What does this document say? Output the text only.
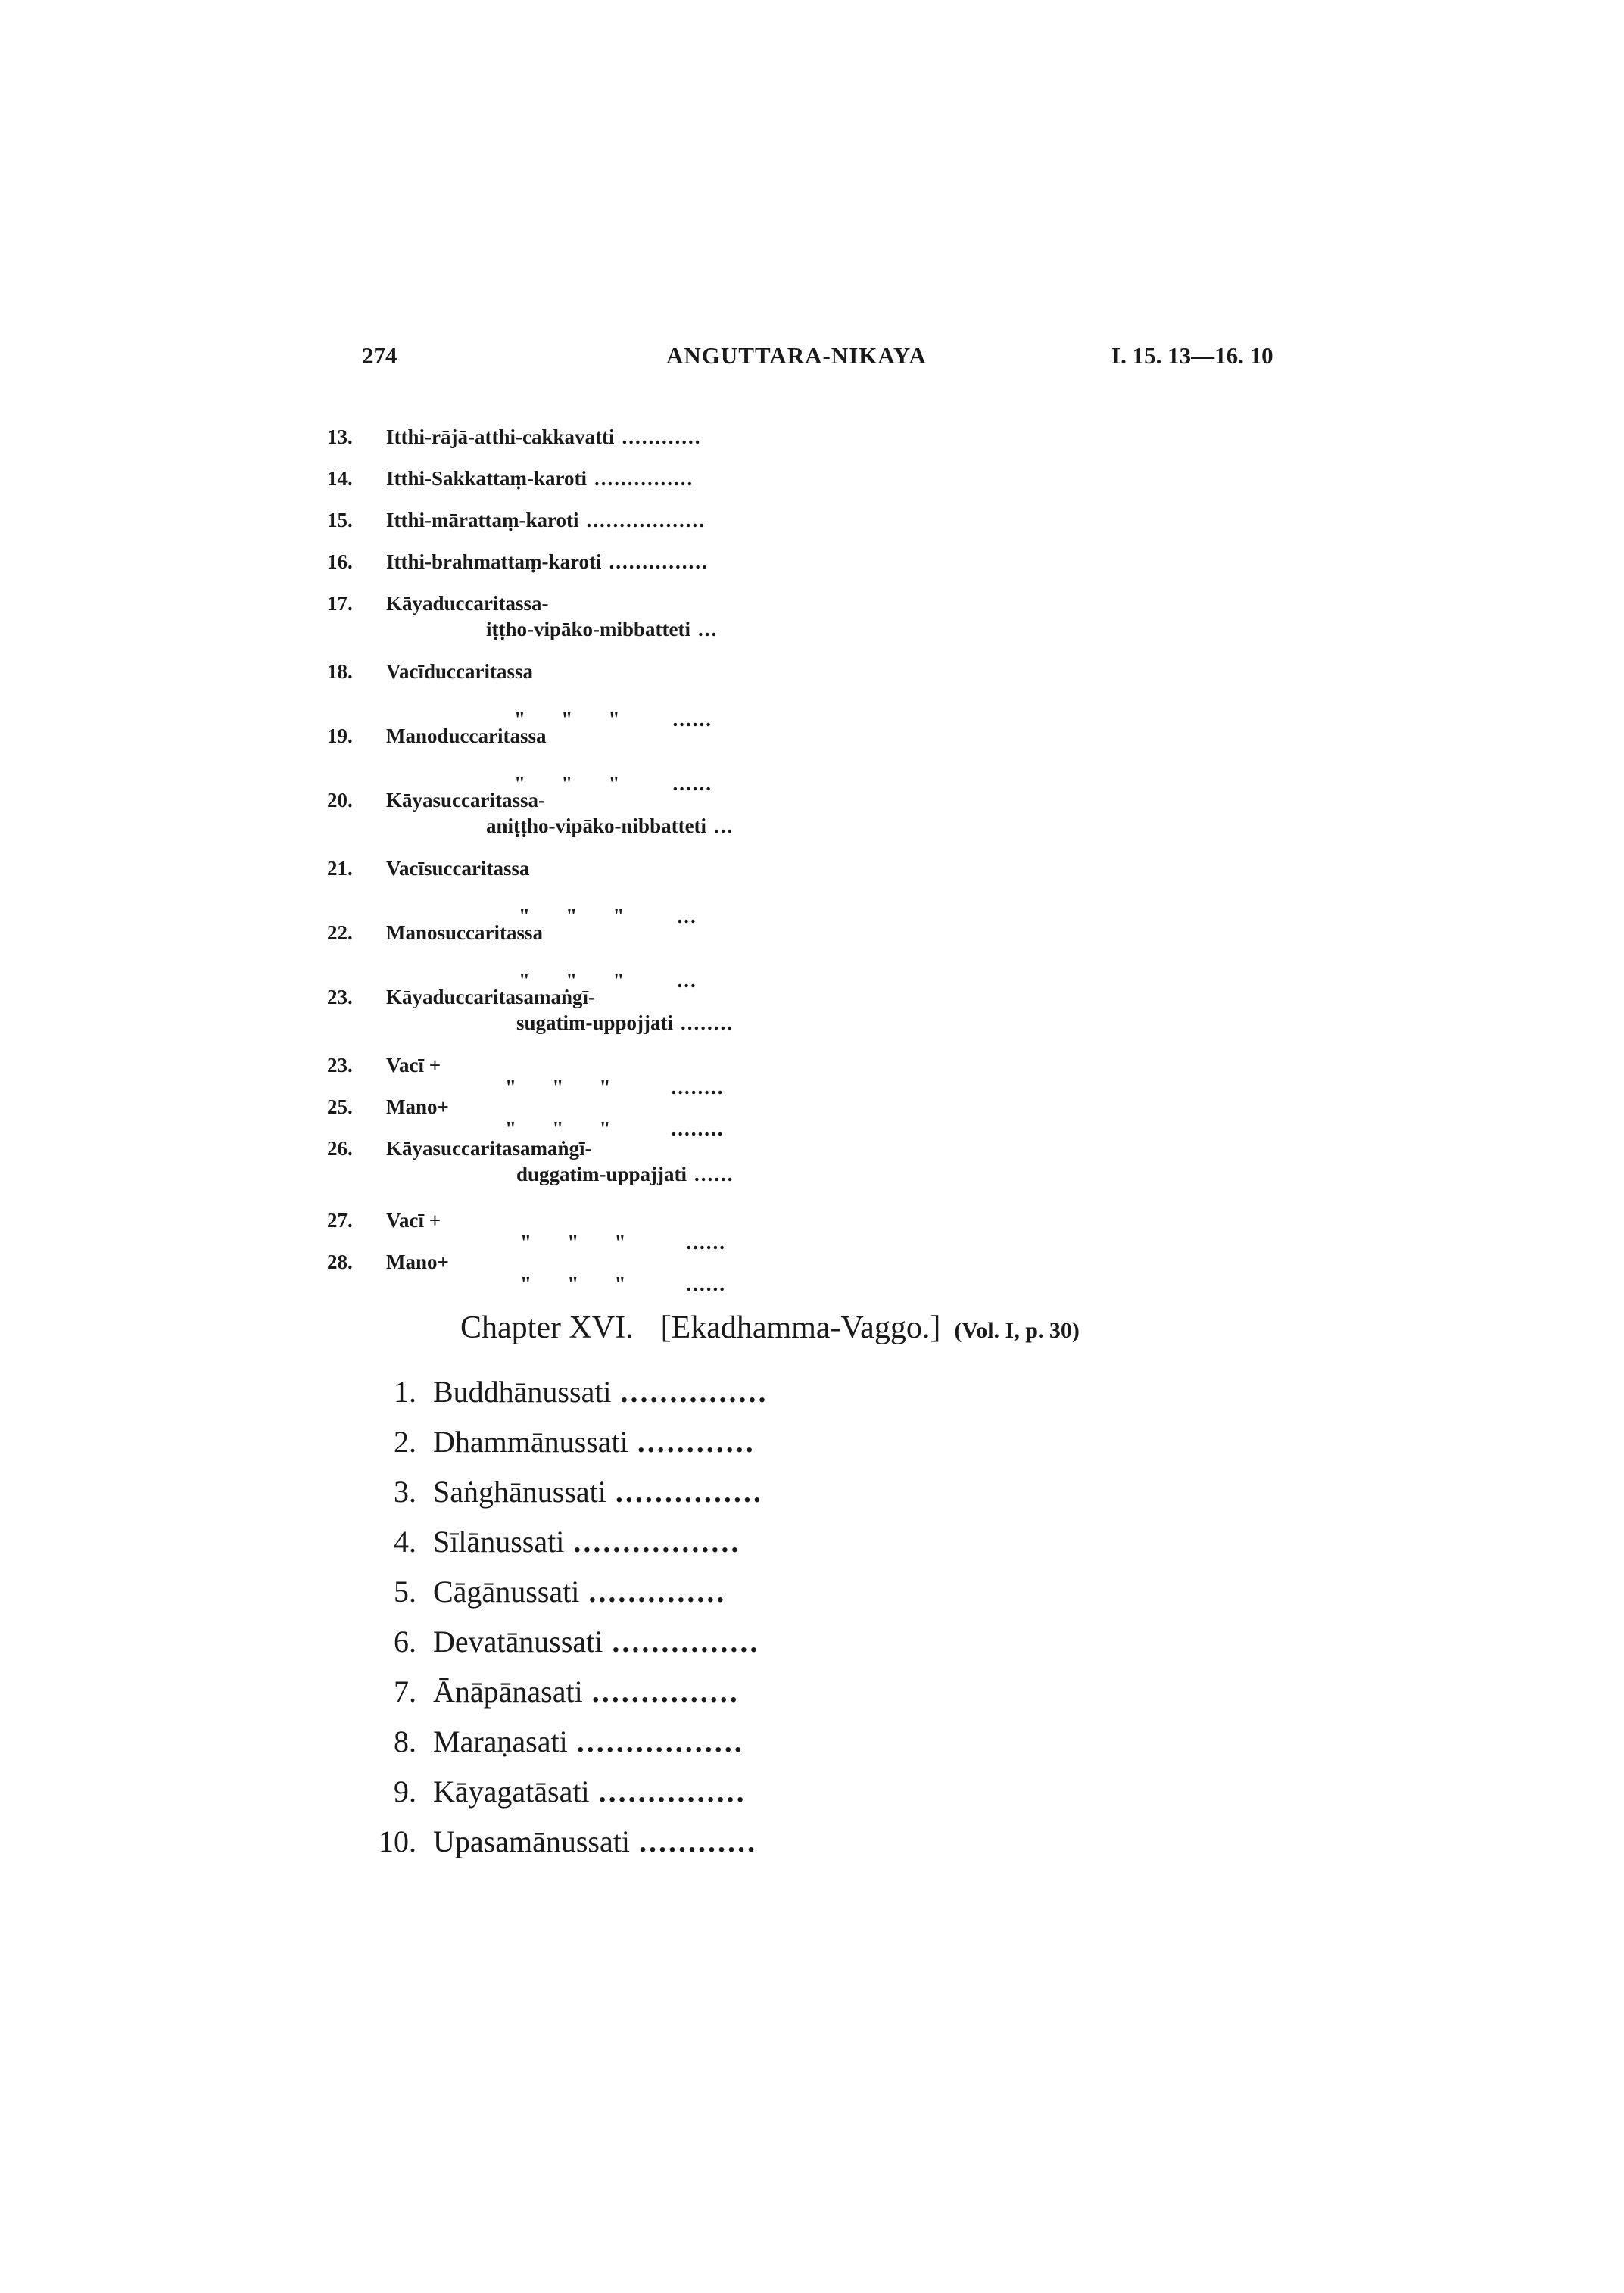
274	ANGUTTARA-NIKAYA	I. 15. 13—16. 10
13. Itthi-rājā-atthi-cakkavatti ............
14. Itthi-Sakkattaṃ-karoti ...............
15. Itthi-mārattaṃ-karoti ..................
16. Itthi-brahmattaṃ-karoti ...............
17. Kāyaduccaritassa-
iṭṭho-vipāko-mibbatteti ...
18. Vacīduccaritassa

"       "       "	......

19. Manoduccaritassa

"       "       "	......

20. Kāyasuccaritassa-
aniṭṭho-vipāko-nibbatteti ...
21. Vacīsuccaritassa

"       "       "	...

22. Manosuccaritassa

"       "       "	...

23. Kāyaduccaritasamaṅgī-
sugatim-uppojjati ........
23. Vacī +

"       "       "	........

25. Mano+

"       "       "	........

26. Kāyasuccaritasamaṅgī-
duggatim-uppajjati ......
27. Vacī +

"       "       "	......

28. Mano+

"       "       "	......

Chapter XVI. [Ekadhamma-Vaggo.] (Vol. I, p. 30)
1. Buddhānussati ...............
2. Dhammānussati ............
3. Saṅghānussati ...............
4. Sīlānussati .................
5. Cāgānussati ..............
6. Devatānussati ...............
7. Ānāpānasati ...............
8. Maraṇasati .................
9. Kāyagatāsati ...............
10. Upasamānussati ............
